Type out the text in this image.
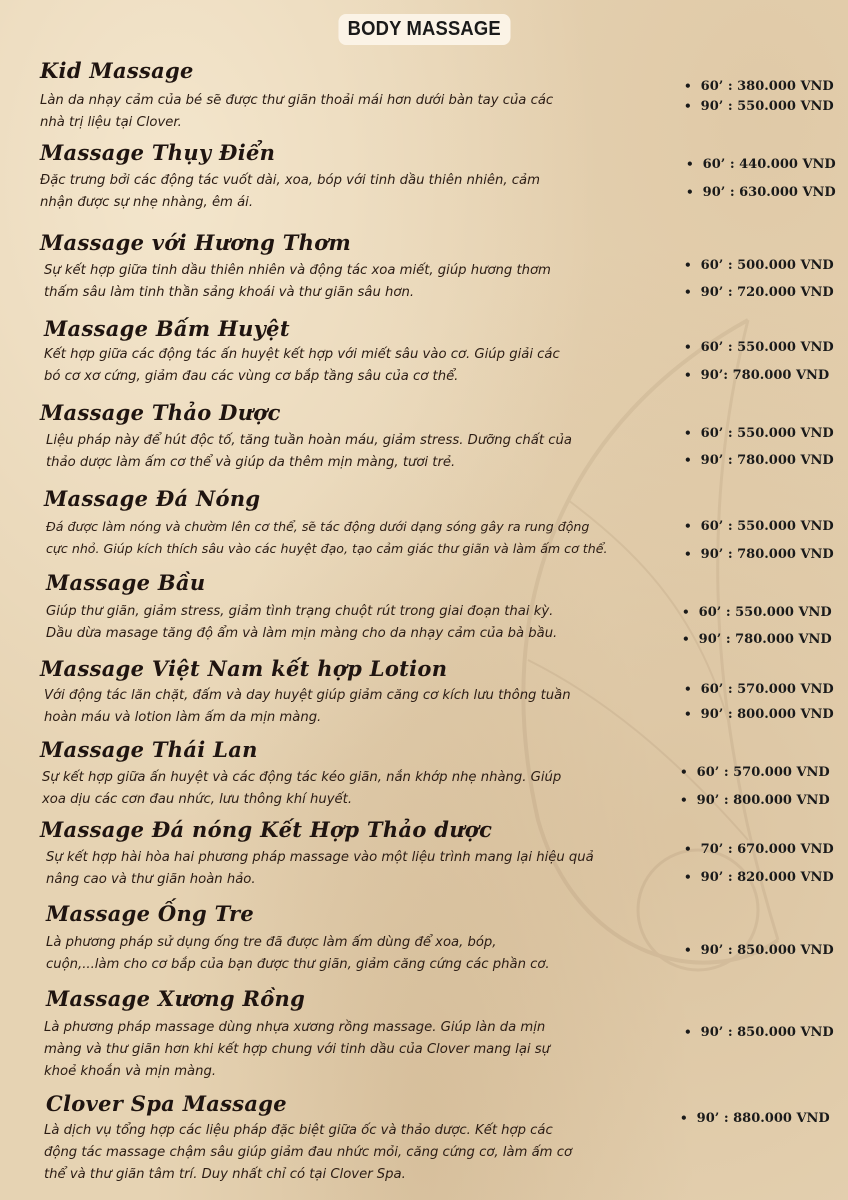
BODY MASSAGE
Kid Massage
Làn da nhạy cảm của bé sẽ được thư giãn thoải mái hơn dưới bàn tay của các
nhà trị liệu tại Clover.
• 60’ : 380.000 VND
• 90’ : 550.000 VND
Massage Thụy Điển
Đặc trưng bởi các động tác vuốt dài, xoa, bóp với tinh dầu thiên nhiên, cảm
nhận được sự nhẹ nhàng, êm ái.
• 60’ : 440.000 VND
• 90’ : 630.000 VND
Massage với Hương Thơm
Sự kết hợp giữa tinh dầu thiên nhiên và động tác xoa miết, giúp hương thơm
thấm sâu làm tinh thần sảng khoái và thư giãn sâu hơn.
• 60’ : 500.000 VND
• 90’ : 720.000 VND
Massage Bấm Huyệt
Kết hợp giữa các động tác ấn huyệt kết hợp với miết sâu vào cơ. Giúp giải các
bó cơ xơ cứng, giảm đau các vùng cơ bắp tầng sâu của cơ thể.
• 60’ : 550.000 VND
• 90’: 780.000 VND
Massage Thảo Dược
Liệu pháp này để hút độc tố, tăng tuần hoàn máu, giảm stress. Dưỡng chất của
thảo dược làm ấm cơ thể và giúp da thêm mịn màng, tươi trẻ.
• 60’ : 550.000 VND
• 90’ : 780.000 VND
Massage Đá Nóng
Đá được làm nóng và chườm lên cơ thể, sẽ tác động dưới dạng sóng gây ra rung động
cực nhỏ. Giúp kích thích sâu vào các huyệt đạo, tạo cảm giác thư giãn và làm ấm cơ thể.
• 60’ : 550.000 VND
• 90’ : 780.000 VND
Massage Bầu
Giúp thư giãn, giảm stress, giảm tình trạng chuột rút trong giai đoạn thai kỳ.
Dầu dừa masage tăng độ ẩm và làm mịn màng cho da nhạy cảm của bà bầu.
• 60’ : 550.000 VND
• 90’ : 780.000 VND
Massage Việt Nam kết hợp Lotion
Với động tác lăn chặt, đấm và day huyệt giúp giảm căng cơ kích lưu thông tuần
hoàn máu và lotion làm ấm da mịn màng.
• 60’ : 570.000 VND
• 90’ : 800.000 VND
Massage Thái Lan
Sự kết hợp giữa ấn huyệt và các động tác kéo giãn, nắn khớp nhẹ nhàng. Giúp
xoa dịu các cơn đau nhức, lưu thông khí huyết.
• 60’ : 570.000 VND
• 90’ : 800.000 VND
Massage Đá nóng Kết Hợp Thảo dược
Sự kết hợp hài hòa hai phương pháp massage vào một liệu trình mang lại hiệu quả
nâng cao và thư giãn hoàn hảo.
• 70’ : 670.000 VND
• 90’ : 820.000 VND
Massage Ống Tre
Là phương pháp sử dụng ống tre đã được làm ấm dùng để xoa, bóp,
cuộn,...làm cho cơ bắp của bạn được thư giãn, giảm căng cứng các phần cơ.
• 90’ : 850.000 VND
Massage Xương Rồng
Là phương pháp massage dùng nhựa xương rồng massage. Giúp làn da mịn
màng và thư giãn hơn khi kết hợp chung với tinh dầu của Clover mang lại sự
khoẻ khoắn và mịn màng.
• 90’ : 850.000 VND
Clover Spa Massage
Là dịch vụ tổng hợp các liệu pháp đặc biệt giữa ốc và thảo dược. Kết hợp các
động tác massage chậm sâu giúp giảm đau nhức mỏi, căng cứng cơ, làm ấm cơ
thể và thư giãn tâm trí. Duy nhất chỉ có tại Clover Spa.
• 90’ : 880.000 VND
